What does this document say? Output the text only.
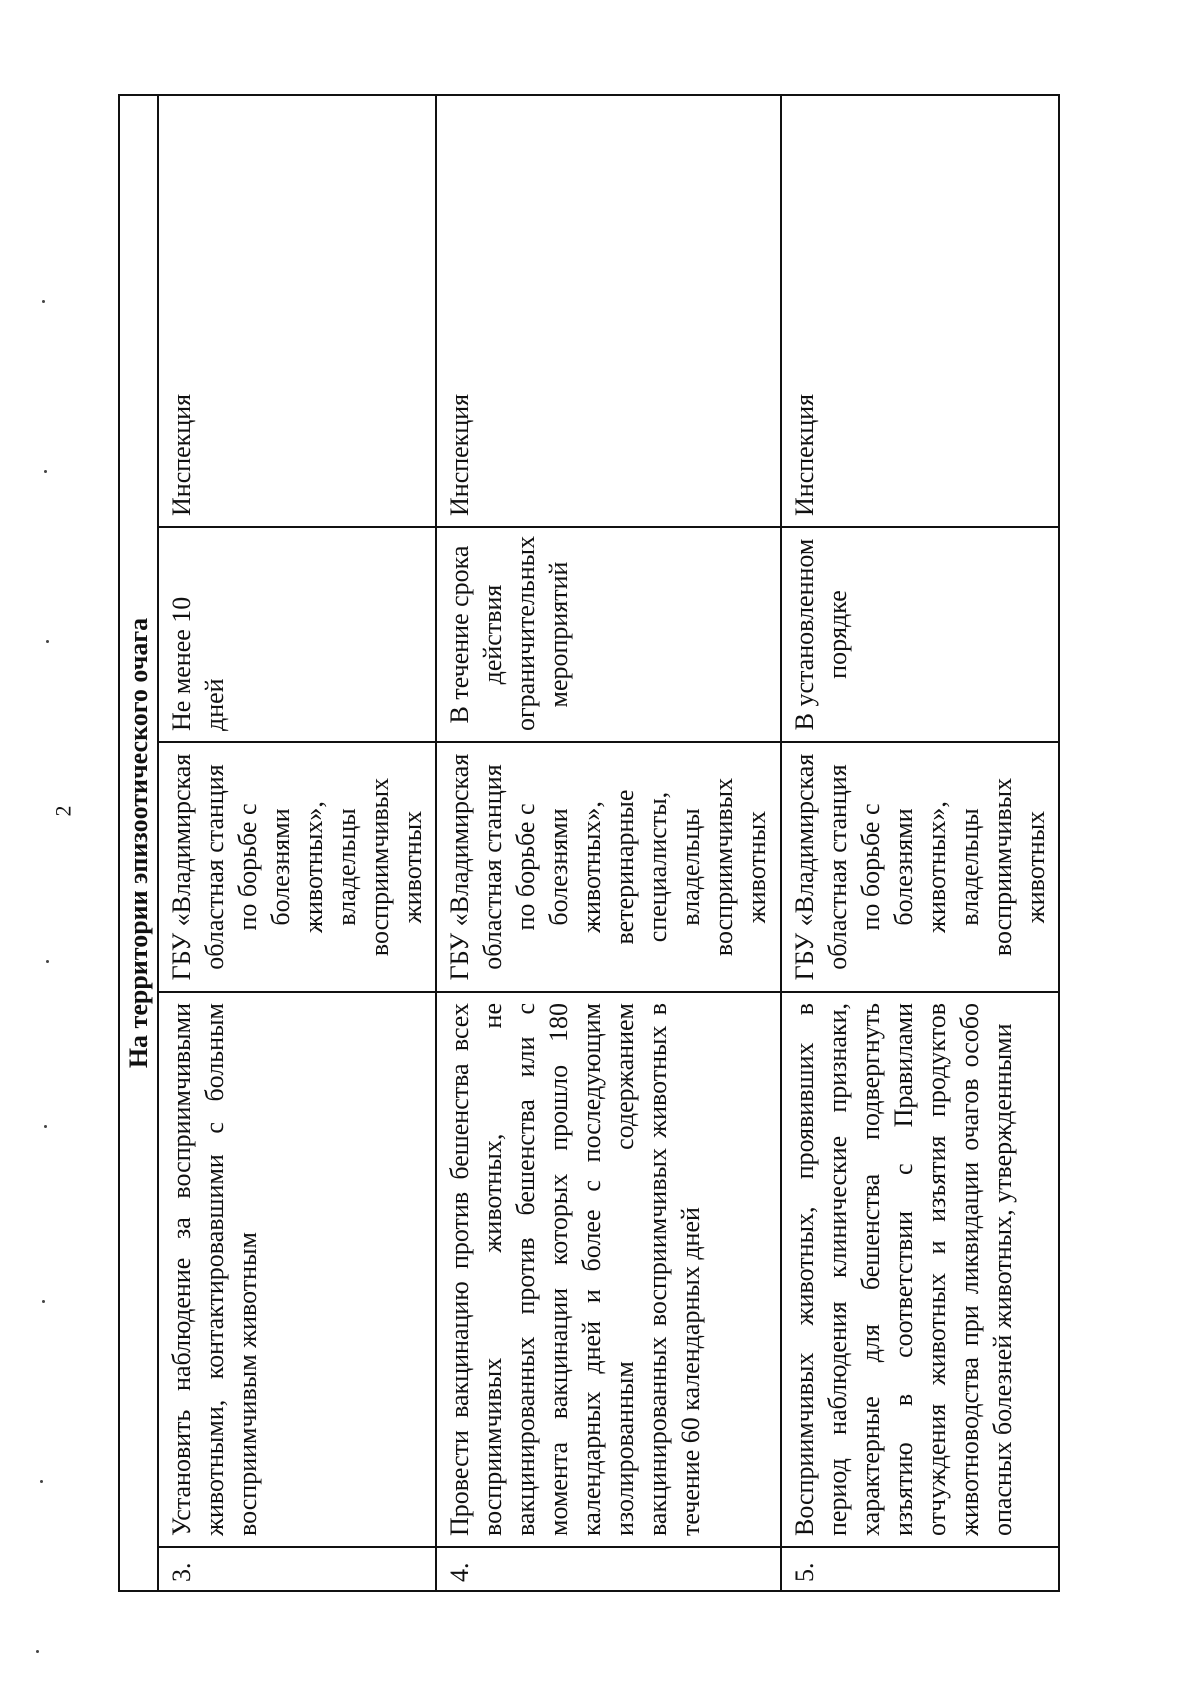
2 На территории эпизоотического очага				
3.	Установить наблюдение за восприимчивыми животными, контактировавшими с больным восприимчивым животным	ГБУ «Владимирская областная станция по борьбе с болезнями животных», владельцы восприимчивых животных	Не менее 10 дней	Инспекция
4.	Провести вакцинацию против бешенства всех восприимчивых животных, не вакцинированных против бешенства или с момента вакцинации которых прошло 180 календарных дней и более с последующим изолированным содержанием вакцинированных восприимчивых животных в течение 60 календарных дней	ГБУ «Владимирская областная станция по борьбе с болезнями животных», ветеринарные специалисты, владельцы восприимчивых животных	В течение срока действия ограничительных мероприятий	Инспекция
5.	Восприимчивых животных, проявивших в период наблюдения клинические признаки, характерные для бешенства подвергнуть изъятию в соответствии с Правилами отчуждения животных и изъятия продуктов животноводства при ликвидации очагов особо опасных болезней животных, утвержденными	ГБУ «Владимирская областная станция по борьбе с болезнями животных», владельцы восприимчивых животных	В установленном порядке	Инспекция
